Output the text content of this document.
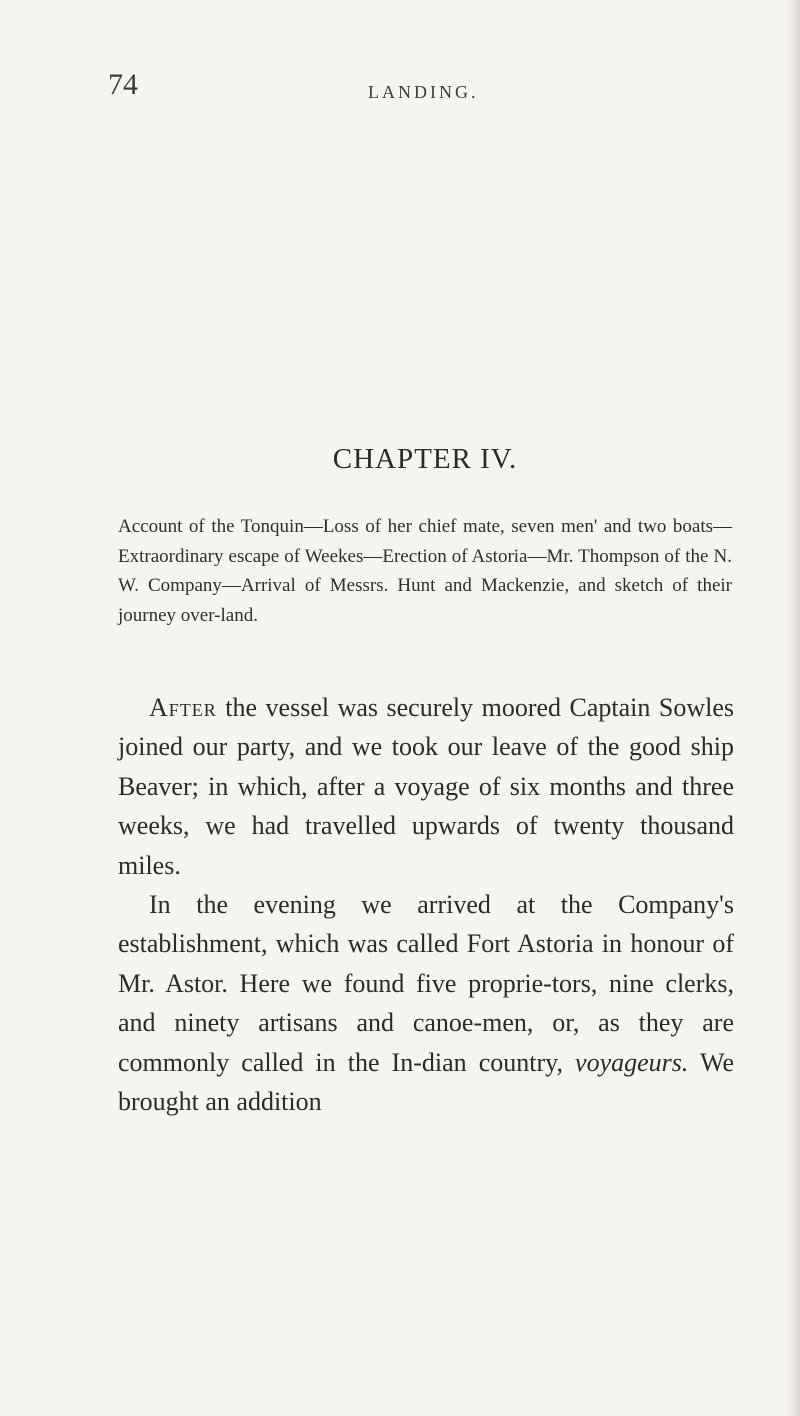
74	LANDING.
CHAPTER IV.
Account of the Tonquin—Loss of her chief mate, seven men' and two boats—Extraordinary escape of Weekes—Erection of Astoria—Mr. Thompson of the N. W. Company—Arrival of Messrs. Hunt and Mackenzie, and sketch of their journey over-land.

After the vessel was securely moored Captain Sowles joined our party, and we took our leave of the good ship Beaver; in which, after a voyage of six months and three weeks, we had travelled upwards of twenty thousand miles.

In the evening we arrived at the Company's establishment, which was called Fort Astoria in honour of Mr. Astor. Here we found five proprie-tors, nine clerks, and ninety artisans and canoe-men, or, as they are commonly called in the In-dian country, voyageurs. We brought an addition
